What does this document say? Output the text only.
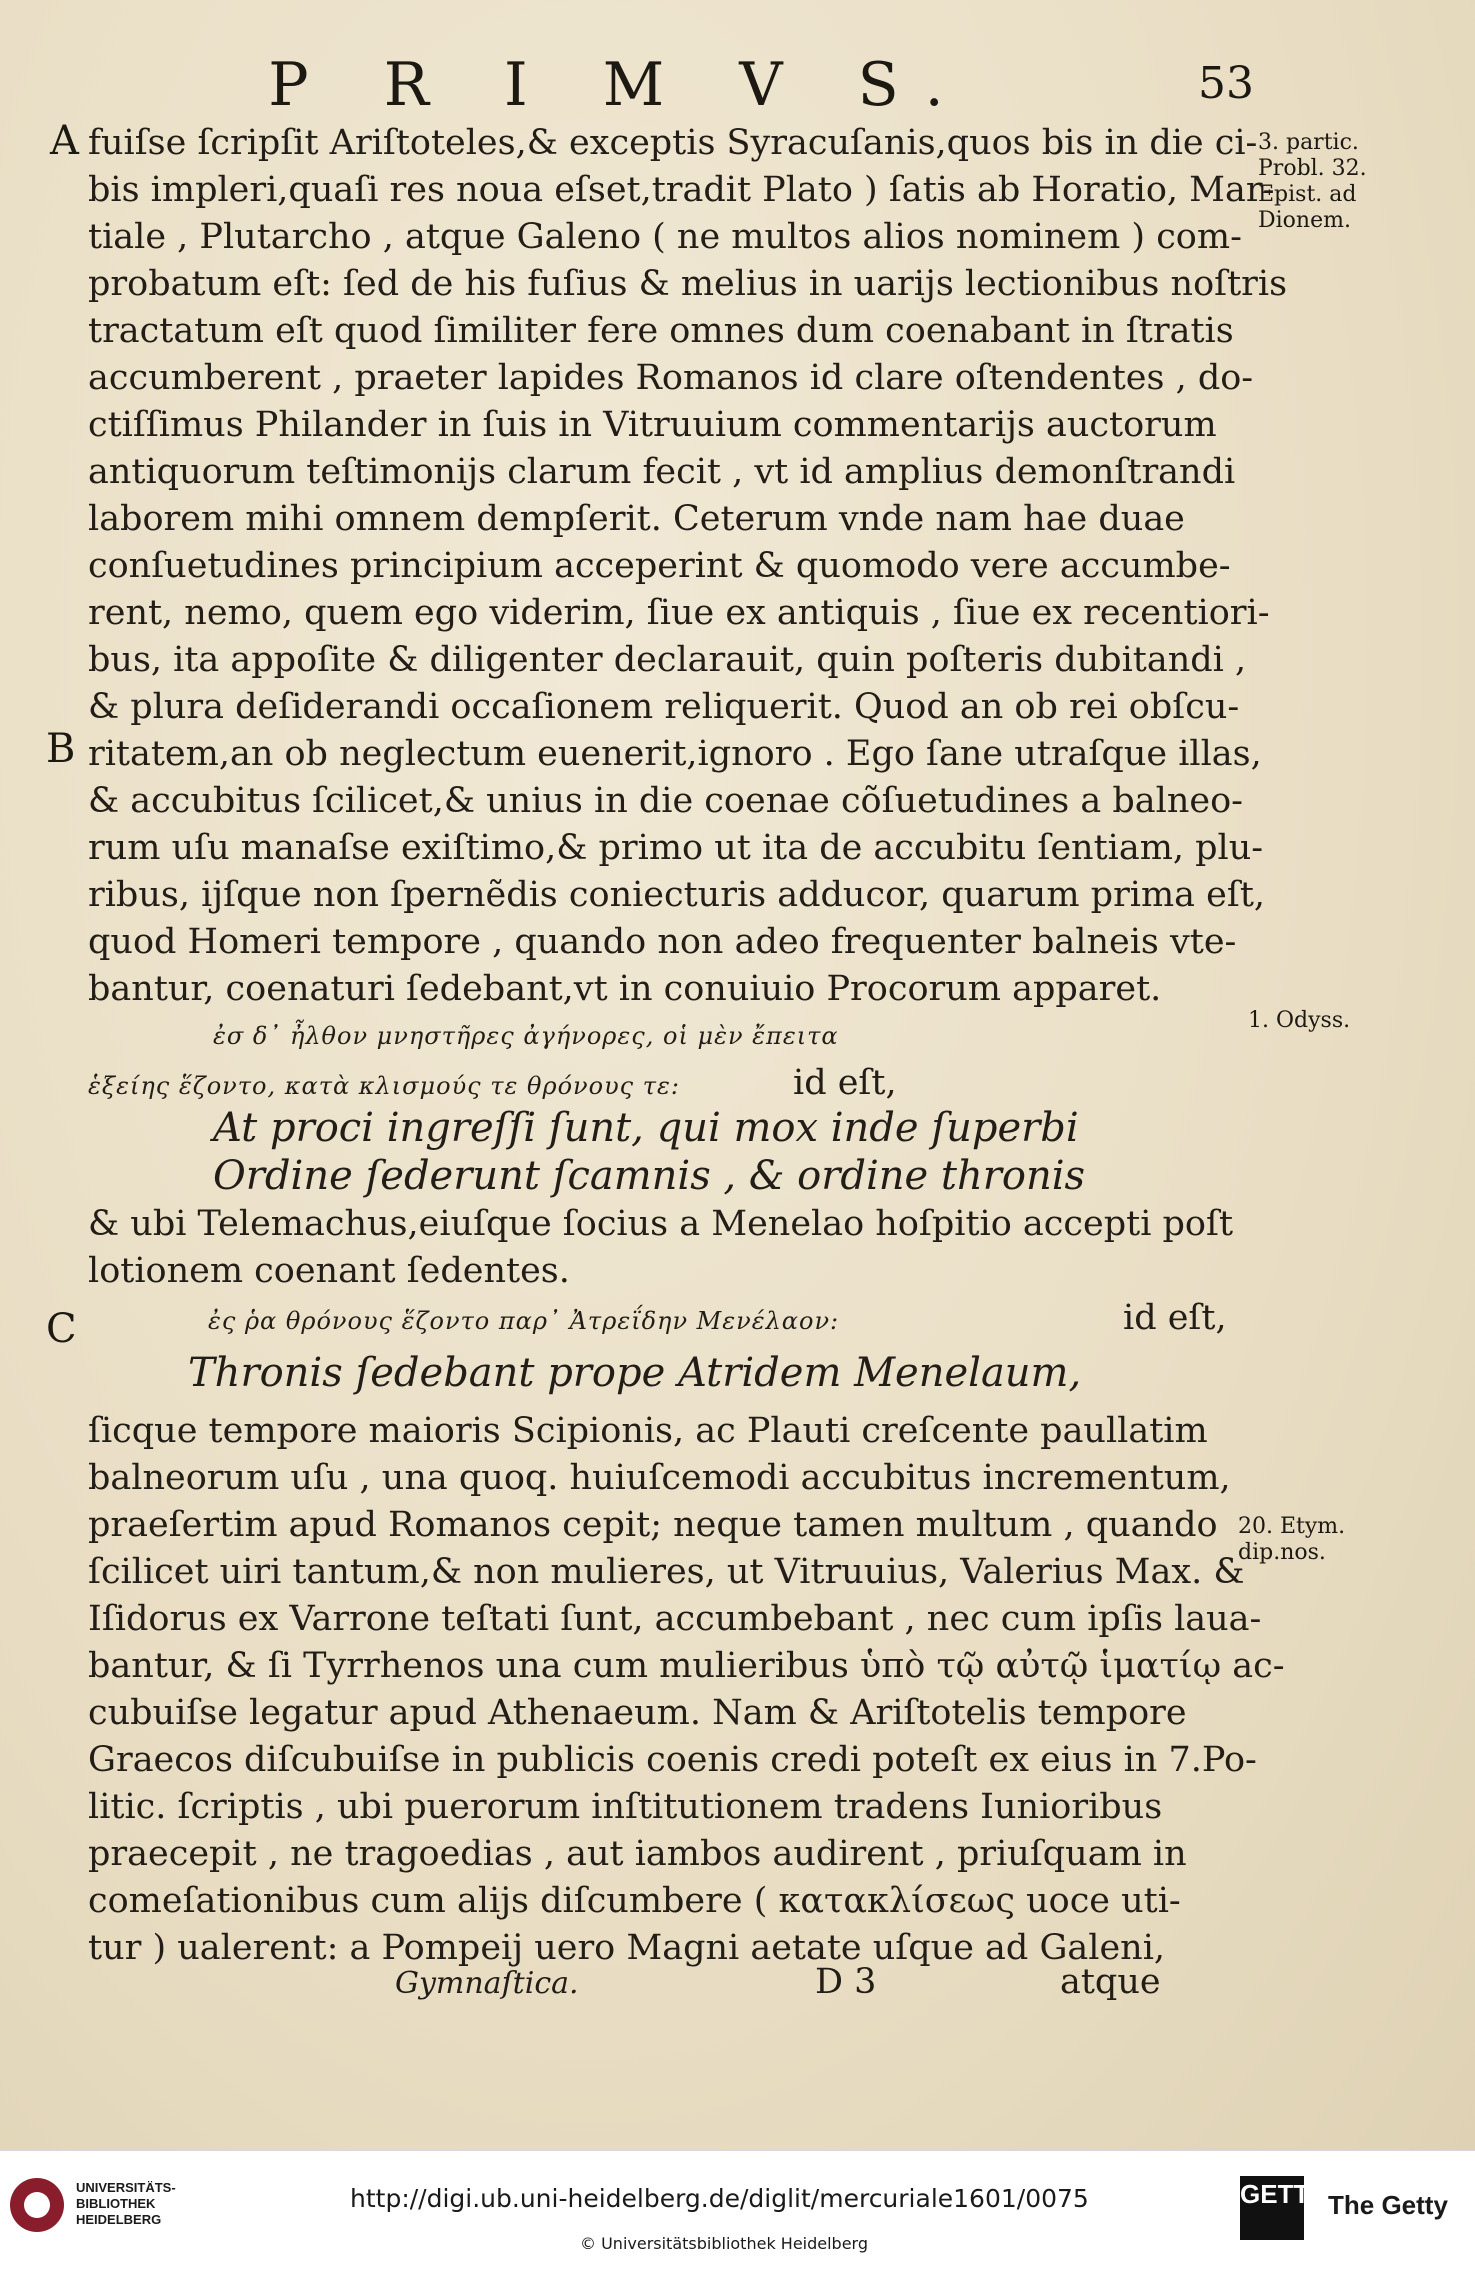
P R I M V S.	53
A
B
C
3. partic.
Probl. 32.
Epist. ad
Dionem.
1. Odyss.
20. Etym.
dip.nos.
fuiſse ſcripſit Ariſtoteles,& exceptis Syracuſanis,quos bis in die ci-
bis impleri,quaſi res noua eſset,tradit Plato ) ſatis ab Horatio, Mar-
tiale , Plutarcho , atque Galeno ( ne multos alios nominem ) com-
probatum eſt: ſed de his fuſius & melius in uarijs lectionibus noſtris
tractatum eſt quod ſimiliter fere omnes dum coenabant in ſtratis
accumberent , praeter lapides Romanos id clare oſtendentes , do-
ctiſſimus Philander in ſuis in Vitruuium commentarijs auctorum
antiquorum teſtimonijs clarum fecit , vt id amplius demonſtrandi
laborem mihi omnem dempſerit. Ceterum vnde nam hae duae
conſuetudines principium acceperint & quomodo vere accumbe-
rent, nemo, quem ego viderim, ſiue ex antiquis , ſiue ex recentiori-
bus, ita appoſite & diligenter declarauit, quin poſteris dubitandi ,
& plura deſiderandi occaſionem reliquerit. Quod an ob rei obſcu-
ritatem,an ob neglectum euenerit,ignoro . Ego ſane utraſque illas,
& accubitus ſcilicet,& unius in die coenae cõſuetudines a balneo-
rum uſu manaſse exiſtimo,& primo ut ita de accubitu ſentiam, plu-
ribus, ijſque non ſpernẽdis coniecturis adducor, quarum prima eſt,
quod Homeri tempore , quando non adeo frequenter balneis vte-
bantur, coenaturi ſedebant,vt in conuiuio Procorum apparet.
ἐσ δ᾽ ἦλθον μνηστῆρες ἀγήνορες, οἱ μὲν ἔπειτα
ἑξείης ἕζοντο, κατὰ κλισμούς τε θρόνους τε:	id eſt,
At proci ingreſſi ſunt, qui mox inde ſuperbi
Ordine ſederunt ſcamnis , & ordine thronis
& ubi Telemachus,eiuſque ſocius a Menelao hoſpitio accepti poſt
lotionem coenant ſedentes.
ἐς ῥα θρόνους ἕζοντο παρ᾽ Ἀτρεΐδην Μενέλαον:	id eſt,
Thronis ſedebant prope Atridem Menelaum,
ſicque tempore maioris Scipionis, ac Plauti creſcente paullatim
balneorum uſu , una quoq. huiuſcemodi accubitus incrementum,
praeſertim apud Romanos cepit; neque tamen multum , quando
ſcilicet uiri tantum,& non mulieres, ut Vitruuius, Valerius Max. &
Iſidorus ex Varrone teſtati ſunt, accumbebant , nec cum ipſis laua-
bantur, & ſi Tyrrhenos una cum mulieribus ὑπὸ τῷ αὐτῷ ἱματίῳ ac-
cubuiſse legatur apud Athenaeum. Nam & Ariſtotelis tempore
Graecos diſcubuiſse in publicis coenis credi poteſt ex eius in 7.Po-
litic. ſcriptis , ubi puerorum inſtitutionem tradens Iunioribus
praecepit , ne tragoedias , aut iambos audirent , priuſquam in
comeſationibus cum alijs diſcumbere ( κατακλίσεως uoce uti-
tur ) ualerent: a Pompeij uero Magni aetate uſque ad Galeni,
Gymnaſtica.	D 3	atque
UNIVERSITÄTS-
BIBLIOTHEK
HEIDELBERG
http://digi.ub.uni-heidelberg.de/diglit/mercuriale1601/0075
© Universitätsbibliothek Heidelberg
GETTY The Getty
